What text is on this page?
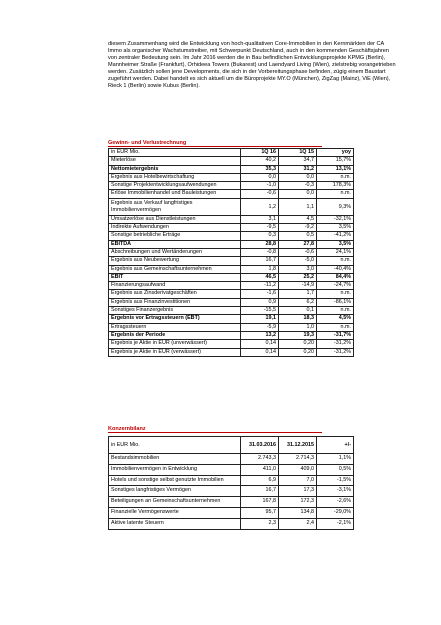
diesem Zusammenhang wird die Entwicklung von hoch-qualitativen Core-Immobilien in den Kernmärkten der CA Immo als organischer Wachstumstreiber, mit Schwerpunkt Deutschland, auch in den kommenden Geschäftsjahren von zentraler Bedeutung sein. Im Jahr 2016 werden die in Bau befindlichen Entwicklungsprojekte KPMG (Berlin), Mannheimer Straße (Frankfurt), Orhideea Towers (Bukarest) und Laendyard Living (Wien), zielstrebig vorangetrieben werden. Zusätzlich sollen jene Developments, die sich in der Vorbereitungsphase befinden, zügig einem Baustart zugeführt werden. Dabei handelt es sich aktuell um die Büroprojekte MY.O (München), ZigZag (Mainz), ViE (Wien), Rieck 1 (Berlin) sowie Kubus (Berlin).

Gewinn- und Verlustrechnung
in EUR Mio.	1Q 16	1Q 15	yoy
Mieterlöse	40,2	34,7	15,7%
Nettomietergebnis	35,3	31,2	13,1%
Ergebnis aus Hotelbewirtschaftung	0,0	0,0	n.m.
Sonstige Projektentwicklungsaufwendungen	-1,0	-0,3	178,3%
Erlöse Immobilienhandel und Bauleistungen	-0,6	0,0	n.m.
Ergebnis aus Verkauf langfristiges Immobilienvermögen	1,2	1,1	9,3%
Umsatzerlöse aus Dienstleistungen	3,1	4,5	-32,1%
Indirekte Aufwendungen	-9,5	-9,2	3,5%
Sonstige betriebliche Erträge	0,3	0,5	-41,2%
EBITDA	28,8	27,8	3,5%
Abschreibungen und Wertänderungen	-0,8	-0,6	24,1%
Ergebnis aus Neubewertung	16,7	-5,0	n.m.
Ergebnis aus Gemeinschaftsunternehmen	1,8	3,0	-40,4%
EBIT	46,5	25,2	84,4%
Finanzierungsaufwand	-11,2	-14,9	-24,7%
Ergebnis aus Zinsderivatgeschäften	-1,6	1,7	n.m.
Ergebnis aus Finanzinvestitionen	0,9	6,2	-86,1%
Sonstiges Finanzergebnis	-15,5	0,1	n.m.
Ergebnis vor Ertragssteuern (EBT)	19,1	18,3	4,5%
Ertragssteuern	-5,9	1,0	n.m.
Ergebnis der Periode	13,2	19,3	-31,7%
Ergebnis je Aktie in EUR (unverwässert)	0,14	0,20	-31,2%
Ergebnis je Aktie in EUR (verwässert)	0,14	0,20	-31,2%
Konzernbilanz
in EUR Mio.	31.03.2016	31.12.2015	+/-
Bestandsimmobilien	2.743,3	2.714,3	1,1%
Immobilienvermögen in Entwicklung	411,0	409,0	0,5%
Hotels und sonstige selbst genutzte Immobilien	6,9	7,0	-1,5%
Sonstiges langfristiges Vermögen	16,7	17,3	-3,1%
Beteiligungen an Gemeinschaftsunternehmen	167,8	172,3	-2,6%
Finanzielle Vermögenswerte	95,7	134,8	-29,0%
Aktive latente Steuern	2,3	2,4	-2,1%
